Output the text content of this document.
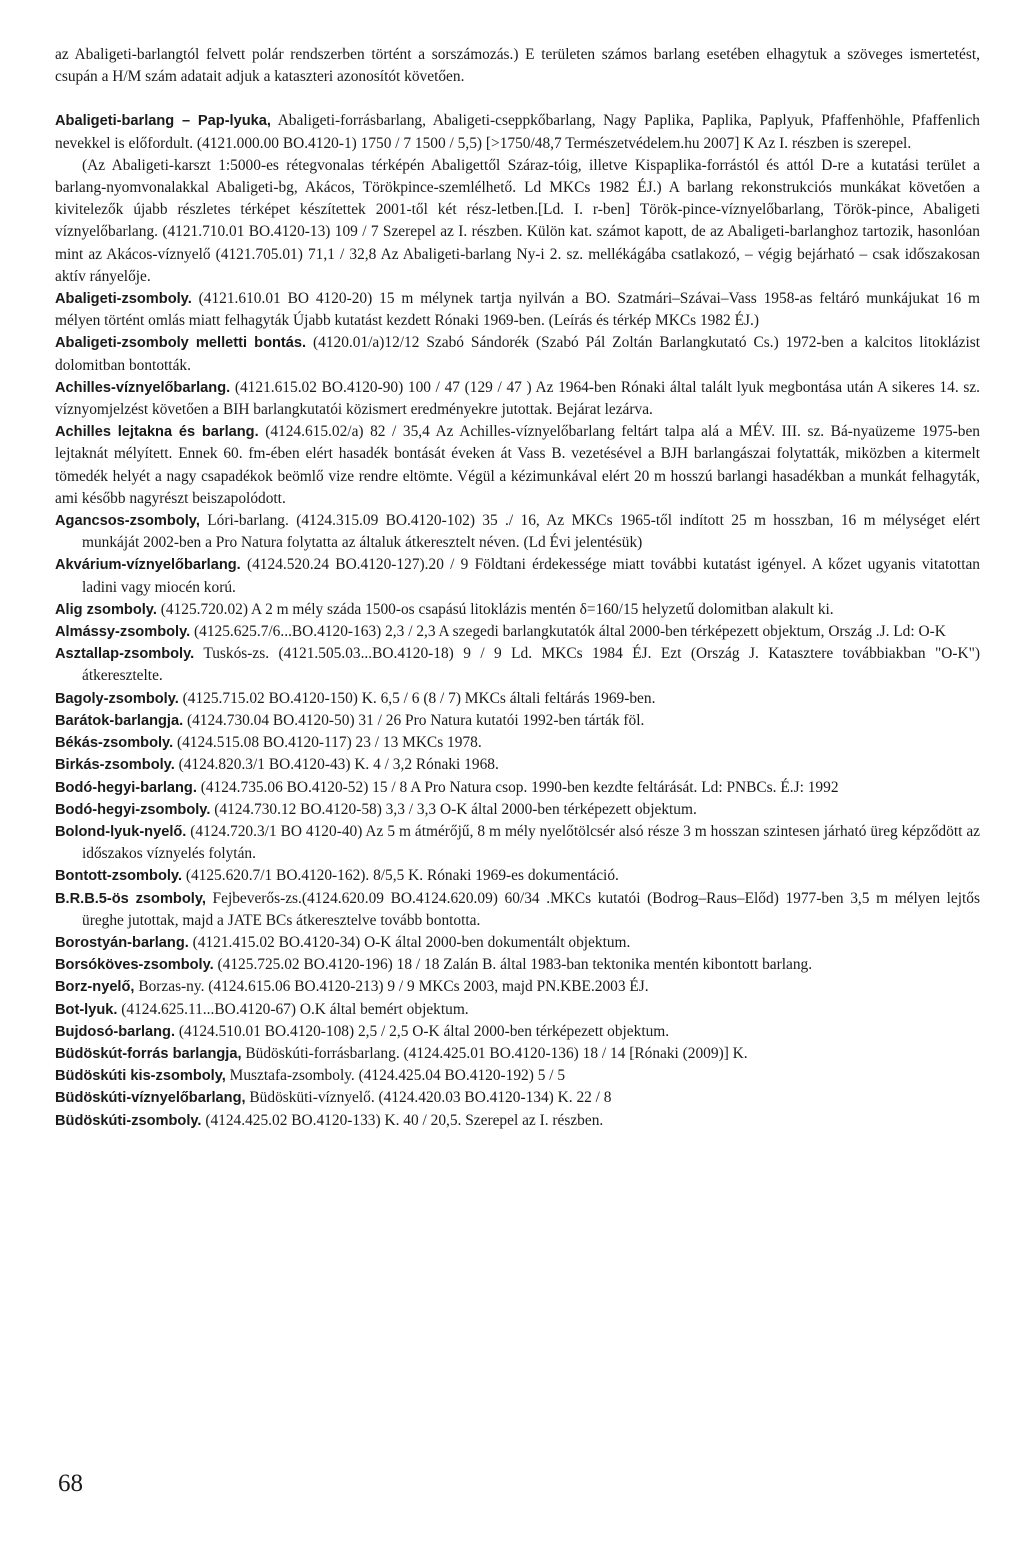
az Abaligeti-barlangtól felvett polár rendszerben történt a sorszámozás.) E területen számos barlang esetében elhagytuk a szöveges ismertetést, csupán a H/M szám adatait adjuk a kataszteri azonosítót követően.

Abaligeti-barlang – Pap-lyuka, Abaligeti-forrásbarlang, Abaligeti-cseppkőbarlang, Nagy Paplika, Paplika, Paplyuk, Pfaffenhöhle, Pfaffenlich nevekkel is előfordult. (4121.000.00 BO.4120-1) 1750 / 7 1500 / 5,5) [>1750/48,7 Természetvédelem.hu 2007] K Az I. részben is szerepel.

(Az Abaligeti-karszt 1:5000-es rétegvonalas térképén Abaligettől Száraz-tóig, illetve Kispaplika-forrástól és attól D-re a kutatási terület a barlang-nyomvonalakkal Abaligeti-bg, Akácos, Törökpince-szemlélhető. Ld MKCs 1982 ÉJ.) A barlang rekonstrukciós munkákat követően a kivitelezők újabb részletes térképet készítettek 2001-től két rész-letben.[Ld. I. r-ben] Török-pince-víznyelőbarlang, Török-pince, Abaligeti víznyelőbarlang. (4121.710.01 BO.4120-13) 109 / 7 Szerepel az I. részben. Külön kat. számot kapott, de az Abaligeti-barlanghoz tartozik, hasonlóan mint az Akácos-víznyelő (4121.705.01) 71,1 / 32,8 Az Abaligeti-barlang Ny-i 2. sz. mellékágába csatlakozó, – végig bejárható – csak időszakosan aktív rányelője.

Abaligeti-zsomboly. (4121.610.01 BO 4120-20) 15 m mélynek tartja nyilván a BO. Szatmári–Szávai–Vass 1958-as feltáró munkájukat 16 m mélyen történt omlás miatt felhagyták Újabb kutatást kezdett Rónaki 1969-ben. (Leírás és térkép MKCs 1982 ÉJ.)

Abaligeti-zsomboly melletti bontás. (4120.01/a)12/12 Szabó Sándorék (Szabó Pál Zoltán Barlangkutató Cs.) 1972-ben a kalcitos litoklázist dolomitban bontották.

Achilles-víznyelőbarlang. (4121.615.02 BO.4120-90) 100 / 47 (129 / 47 ) Az 1964-ben Rónaki által talált lyuk megbontása után A sikeres 14. sz. víznyomjelzést követően a BIH barlangkutatói közismert eredményekre jutottak. Bejárat lezárva.

Achilles lejtakna és barlang. (4124.615.02/a) 82 / 35,4 Az Achilles-víznyelőbarlang feltárt talpa alá a MÉV. III. sz. Bá-nyaüzeme 1975-ben lejtaknát mélyített. Ennek 60. fm-ében elért hasadék bontását éveken át Vass B. vezetésével a BJH barlangászai folytatták, miközben a kitermelt tömedék helyét a nagy csapadékok beömlő vize rendre eltömte. Végül a kézimunkával elért 20 m hosszú barlangi hasadékban a munkát felhagyták, ami később nagyrészt beiszapolódott.

Agancsos-zsomboly, Lóri-barlang. (4124.315.09 BO.4120-102) 35 ./ 16, Az MKCs 1965-től indított 25 m hosszban, 16 m mélységet elért munkáját 2002-ben a Pro Natura folytatta az általuk átkeresztelt néven. (Ld Évi jelentésük)

Akvárium-víznyelőbarlang. (4124.520.24 BO.4120-127).20 / 9 Földtani érdekessége miatt további kutatást igényel. A kőzet ugyanis vitatottan ladini vagy miocén korú.

Alig zsomboly. (4125.720.02) A 2 m mély száda 1500-os csapású litoklázis mentén δ=160/15 helyzetű dolomitban alakult ki.

Almássy-zsomboly. (4125.625.7/6...BO.4120-163) 2,3 / 2,3 A szegedi barlangkutatók által 2000-ben térképezett objektum, Ország .J. Ld: O-K

Asztallap-zsomboly. Tuskós-zs. (4121.505.03...BO.4120-18) 9 / 9 Ld. MKCs 1984 ÉJ. Ezt (Ország J. Katasztere továbbiakban "O-K") átkeresztelte.

Bagoly-zsomboly. (4125.715.02 BO.4120-150) K. 6,5 / 6 (8 / 7) MKCs általi feltárás 1969-ben.

Barátok-barlangja. (4124.730.04 BO.4120-50) 31 / 26 Pro Natura kutatói 1992-ben tárták föl.

Békás-zsomboly. (4124.515.08 BO.4120-117) 23 / 13 MKCs 1978.

Birkás-zsomboly. (4124.820.3/1 BO.4120-43) K. 4 / 3,2 Rónaki 1968.

Bodó-hegyi-barlang. (4124.735.06 BO.4120-52) 15 / 8 A Pro Natura csop. 1990-ben kezdte feltárását. Ld: PNBCs. É.J: 1992

Bodó-hegyi-zsomboly. (4124.730.12 BO.4120-58) 3,3 / 3,3 O-K által 2000-ben térképezett objektum.

Bolond-lyuk-nyelő. (4124.720.3/1 BO 4120-40) Az 5 m átmérőjű, 8 m mély nyelőtölcsér alsó része 3 m hosszan szintesen járható üreg képződött az időszakos víznyelés folytán.

Bontott-zsomboly. (4125.620.7/1 BO.4120-162). 8/5,5 K. Rónaki 1969-es dokumentáció.

B.R.B.5-ös zsomboly, Fejbeverős-zs.(4124.620.09 BO.4124.620.09) 60/34 .MKCs kutatói (Bodrog–Raus–Előd) 1977-ben 3,5 m mélyen lejtős üreghe jutottak, majd a JATE BCs átkeresztelve tovább bontotta.

Borostyán-barlang. (4121.415.02 BO.4120-34) O-K által 2000-ben dokumentált objektum.

Borsóköves-zsomboly. (4125.725.02 BO.4120-196) 18 / 18 Zalán B. által 1983-ban tektonika mentén kibontott barlang.

Borz-nyelő, Borzas-ny. (4124.615.06 BO.4120-213) 9 / 9 MKCs 2003, majd PN.KBE.2003 ÉJ.

Bot-lyuk. (4124.625.11...BO.4120-67) O.K által bemért objektum.

Bujdosó-barlang. (4124.510.01 BO.4120-108) 2,5 / 2,5 O-K által 2000-ben térképezett objektum.

Büdöskút-forrás barlangja, Büdöskúti-forrásbarlang. (4124.425.01 BO.4120-136) 18 / 14 [Rónaki (2009)] K.

Büdöskúti kis-zsomboly, Musztafa-zsomboly. (4124.425.04 BO.4120-192) 5 / 5

Büdöskúti-víznyelőbarlang, Büdösküti-víznyelő. (4124.420.03 BO.4120-134) K. 22 / 8

Büdöskúti-zsomboly. (4124.425.02 BO.4120-133) K. 40 / 20,5. Szerepel az I. részben.

68
